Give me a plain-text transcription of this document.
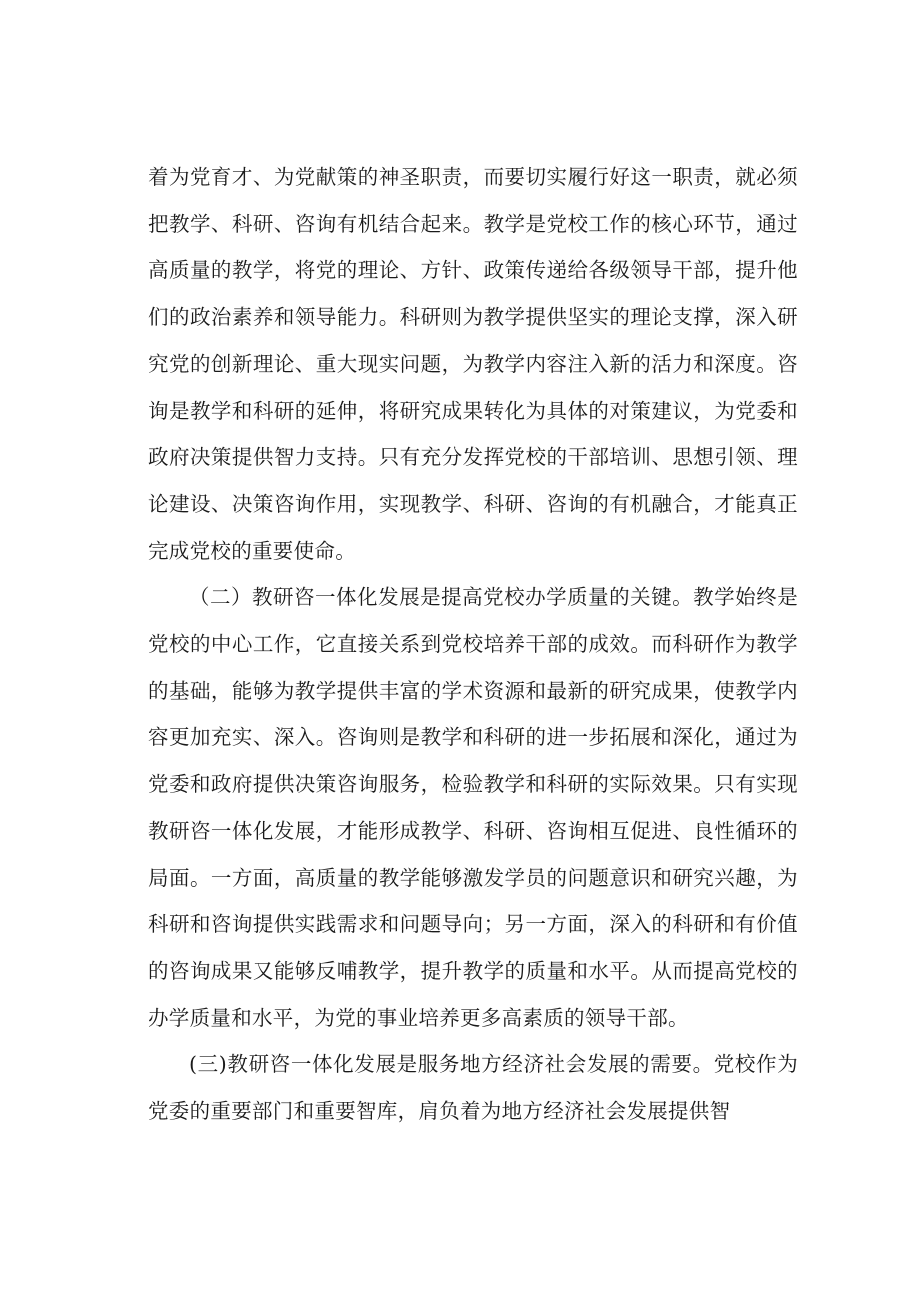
着为党育才、为党献策的神圣职责，而要切实履行好这一职责，就必须把教学、科研、咨询有机结合起来。教学是党校工作的核心环节，通过高质量的教学，将党的理论、方针、政策传递给各级领导干部，提升他们的政治素养和领导能力。科研则为教学提供坚实的理论支撑，深入研究党的创新理论、重大现实问题，为教学内容注入新的活力和深度。咨询是教学和科研的延伸，将研究成果转化为具体的对策建议，为党委和政府决策提供智力支持。只有充分发挥党校的干部培训、思想引领、理论建设、决策咨询作用，实现教学、科研、咨询的有机融合，才能真正完成党校的重要使命。

（二）教研咨一体化发展是提高党校办学质量的关键。教学始终是党校的中心工作，它直接关系到党校培养干部的成效。而科研作为教学的基础，能够为教学提供丰富的学术资源和最新的研究成果，使教学内容更加充实、深入。咨询则是教学和科研的进一步拓展和深化，通过为党委和政府提供决策咨询服务，检验教学和科研的实际效果。只有实现教研咨一体化发展，才能形成教学、科研、咨询相互促进、良性循环的局面。一方面，高质量的教学能够激发学员的问题意识和研究兴趣，为科研和咨询提供实践需求和问题导向；另一方面，深入的科研和有价值的咨询成果又能够反哺教学，提升教学的质量和水平。从而提高党校的办学质量和水平，为党的事业培养更多高素质的领导干部。

(三)教研咨一体化发展是服务地方经济社会发展的需要。党校作为党委的重要部门和重要智库，肩负着为地方经济社会发展提供智
